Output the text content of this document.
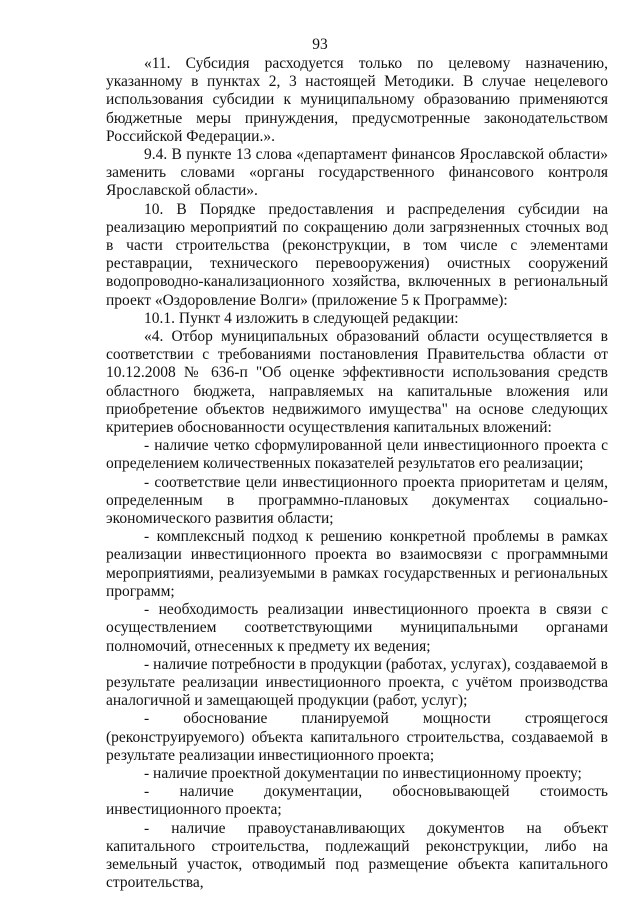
93

«11. Субсидия расходуется только по целевому назначению, указанному в пунктах 2, 3 настоящей Методики. В случае нецелевого использования субсидии к муниципальному образованию применяются бюджетные меры принуждения, предусмотренные законодательством Российской Федерации.».

9.4. В пункте 13 слова «департамент финансов Ярославской области» заменить словами «органы государственного финансового контроля Ярославской области».

10. В Порядке предоставления и распределения субсидии на реализацию мероприятий по сокращению доли загрязненных сточных вод в части строительства (реконструкции, в том числе с элементами реставрации, технического перевооружения) очистных сооружений водопроводно-канализационного хозяйства, включенных в региональный проект «Оздоровление Волги» (приложение 5 к Программе):

10.1. Пункт 4 изложить в следующей редакции:

«4. Отбор муниципальных образований области осуществляется в соответствии с требованиями постановления Правительства области от 10.12.2008 № 636-п "Об оценке эффективности использования средств областного бюджета, направляемых на капитальные вложения или приобретение объектов недвижимого имущества" на основе следующих критериев обоснованности осуществления капитальных вложений:

- наличие четко сформулированной цели инвестиционного проекта с определением количественных показателей результатов его реализации;

- соответствие цели инвестиционного проекта приоритетам и целям, определенным в программно-плановых документах социально-экономического развития области;

- комплексный подход к решению конкретной проблемы в рамках реализации инвестиционного проекта во взаимосвязи с программными мероприятиями, реализуемыми в рамках государственных и региональных программ;

- необходимость реализации инвестиционного проекта в связи с осуществлением соответствующими муниципальными органами полномочий, отнесенных к предмету их ведения;

- наличие потребности в продукции (работах, услугах), создаваемой в результате реализации инвестиционного проекта, с учётом производства аналогичной и замещающей продукции (работ, услуг);

- обоснование планируемой мощности строящегося (реконструируемого) объекта капитального строительства, создаваемой в результате реализации инвестиционного проекта;

- наличие проектной документации по инвестиционному проекту;

- наличие документации, обосновывающей стоимость инвестиционного проекта;

- наличие правоустанавливающих документов на объект капитального строительства, подлежащий реконструкции, либо на земельный участок, отводимый под размещение объекта капитального строительства,
